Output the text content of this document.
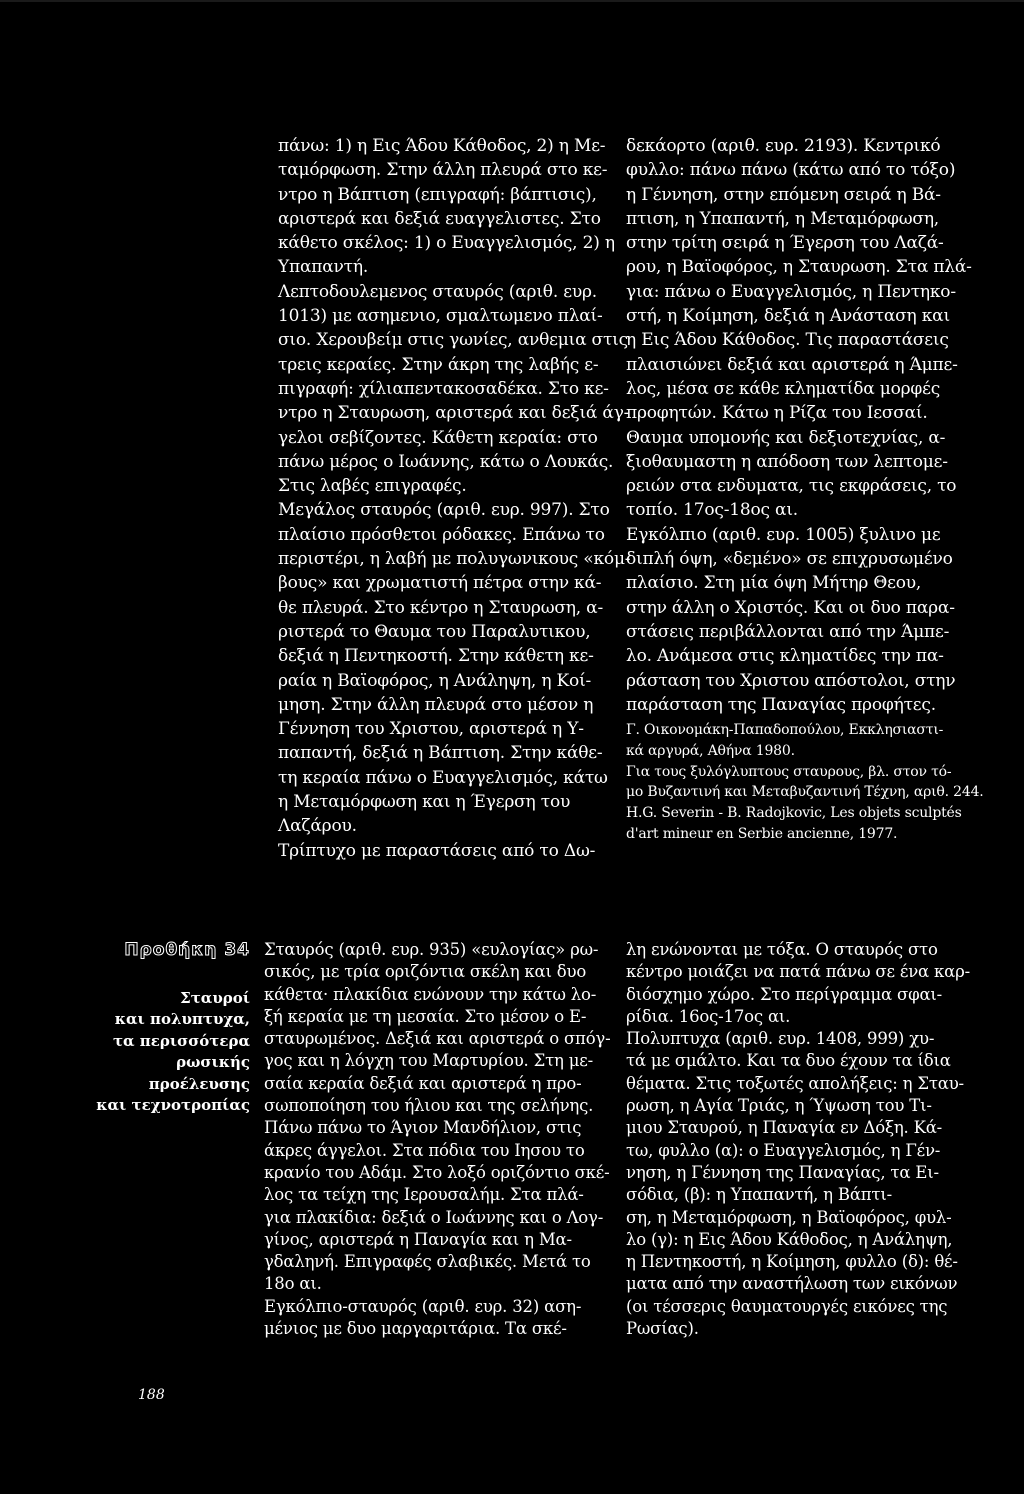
πάνω: 1) η Εις Άδου Κάθοδος, 2) η Με-

ταμόρφωση. Στην άλλη πλευρά στο κε-

ντρο η Βάπτιση (επιγραφή: βάπτισις),

αριστερά και δεξιά ευαγγελιστες. Στο

κάθετο σκέλος: 1) ο Ευαγγελισμός, 2) η

Υπαπαντή.

Λεπτοδουλεμενος σταυρός (αριθ. ευρ.

1013) με ασημενιο, σμαλτωμενο πλαί-

σιο. Χερουβείμ στις γωνίες, ανθεμια στις

τρεις κεραίες. Στην άκρη της λαβής ε-

πιγραφή: χίλιαπεντακοσαδέκα. Στο κε-

ντρο η Σταυρωση, αριστερά και δεξιά άγ-

γελοι σεβίζοντες. Κάθετη κεραία: στο

πάνω μέρος ο Ιωάννης, κάτω ο Λουκάς.

Στις λαβές επιγραφές.

Μεγάλος σταυρός (αριθ. ευρ. 997). Στο

πλαίσιο πρόσθετοι ρόδακες. Επάνω το

περιστέρι, η λαβή με πολυγωνικους «κόμ-

βους» και χρωματιστή πέτρα στην κά-

θε πλευρά. Στο κέντρο η Σταυρωση, α-

ριστερά το Θαυμα του Παραλυτικου,

δεξιά η Πεντηκοστή. Στην κάθετη κε-

ραία η Βαϊοφόρος, η Ανάληψη, η Κοί-

μηση. Στην άλλη πλευρά στο μέσον η

Γέννηση του Χριστου, αριστερά η Υ-

παπαντή, δεξιά η Βάπτιση. Στην κάθε-

τη κεραία πάνω ο Ευαγγελισμός, κάτω

η Μεταμόρφωση και η Έγερση του

Λαζάρου.

Τρίπτυχο με παραστάσεις από το Δω-

δεκάορτο (αριθ. ευρ. 2193). Κεντρικό

φυλλο: πάνω πάνω (κάτω από το τόξο)

η Γέννηση, στην επόμενη σειρά η Βά-

πτιση, η Υπαπαντή, η Μεταμόρφωση,

στην τρίτη σειρά η Έγερση του Λαζά-

ρου, η Βαϊοφόρος, η Σταυρωση. Στα πλά-

για: πάνω ο Ευαγγελισμός, η Πεντηκο-

στή, η Κοίμηση, δεξιά η Ανάσταση και

η Εις Άδου Κάθοδος. Τις παραστάσεις

πλαισιώνει δεξιά και αριστερά η Άμπε-

λος, μέσα σε κάθε κληματίδα μορφές

προφητών. Κάτω η Ρίζα του Ιεσσαί.

Θαυμα υπομονής και δεξιοτεχνίας, α-

ξιοθαυμαστη η απόδοση των λεπτομε-

ρειών στα ενδυματα, τις εκφράσεις, το

τοπίο. 17ος-18ος αι.

Εγκόλπιο (αριθ. ευρ. 1005) ξυλινο με

διπλή όψη, «δεμένο» σε επιχρυσωμένο

πλαίσιο. Στη μία όψη Μήτηρ Θεου,

στην άλλη ο Χριστός. Και οι δυο παρα-

στάσεις περιβάλλονται από την Άμπε-

λο. Ανάμεσα στις κληματίδες την πα-

ράσταση του Χριστου απόστολοι, στην

παράσταση της Παναγίας προφήτες.

Γ. Οικονομάκη-Παπαδοπούλου, Εκκλησιαστι-

κά αργυρά, Αθήνα 1980.

Για τους ξυλόγλυπτους σταυρους, βλ. στον τό-

μο Βυζαντινή και Μεταβυζαντινή Τέχνη, αριθ. 244.

H.G. Severin - B. Radojkovic, Les objets sculptés

d'art mineur en Serbie ancienne, 1977.

Προθήκη 34

Σταυροί

και πολυπτυχα,

τα περισσότερα

ρωσικής

προέλευσης

και τεχνοτροπίας

Σταυρός (αριθ. ευρ. 935) «ευλογίας» ρω-

σικός, με τρία οριζόντια σκέλη και δυο

κάθετα· πλακίδια ενώνουν την κάτω λο-

ξή κεραία με τη μεσαία. Στο μέσον ο Ε-

σταυρωμένος. Δεξιά και αριστερά ο σπόγ-

γος και η λόγχη του Μαρτυρίου. Στη με-

σαία κεραία δεξιά και αριστερά η προ-

σωποποίηση του ήλιου και της σελήνης.

Πάνω πάνω το Άγιον Μανδήλιον, στις

άκρες άγγελοι. Στα πόδια του Ιησου το

κρανίο του Αδάμ. Στο λοξό οριζόντιο σκέ-

λος τα τείχη της Ιερουσαλήμ. Στα πλά-

για πλακίδια: δεξιά ο Ιωάννης και ο Λογ-

γίνος, αριστερά η Παναγία και η Μα-

γδαληνή. Επιγραφές σλαβικές. Μετά το

18ο αι.

Εγκόλπιο-σταυρός (αριθ. ευρ. 32) αση-

μένιος με δυο μαργαριτάρια. Τα σκέ-

λη ενώνονται με τόξα. Ο σταυρός στο

κέντρο μοιάζει να πατά πάνω σε ένα καρ-

διόσχημο χώρο. Στο περίγραμμα σφαι-

ρίδια. 16ος-17ος αι.

Πολυπτυχα (αριθ. ευρ. 1408, 999) χυ-

τά με σμάλτο. Και τα δυο έχουν τα ίδια

θέματα. Στις τοξωτές απολήξεις: η Σταυ-

ρωση, η Αγία Τριάς, η Ύψωση του Τι-

μιου Σταυρού, η Παναγία εν Δόξη. Κά-

τω, φυλλο (α): ο Ευαγγελισμός, η Γέν-

νηση, η Γέννηση της Παναγίας, τα Ει-

σόδια, (β): η Υπαπαντή, η Βάπτι-

ση, η Μεταμόρφωση, η Βαϊοφόρος, φυλ-

λο (γ): η Εις Άδου Κάθοδος, η Ανάληψη,

η Πεντηκοστή, η Κοίμηση, φυλλο (δ): θέ-

ματα από την αναστήλωση των εικόνων

(οι τέσσερις θαυματουργές εικόνες της

Ρωσίας).

188
